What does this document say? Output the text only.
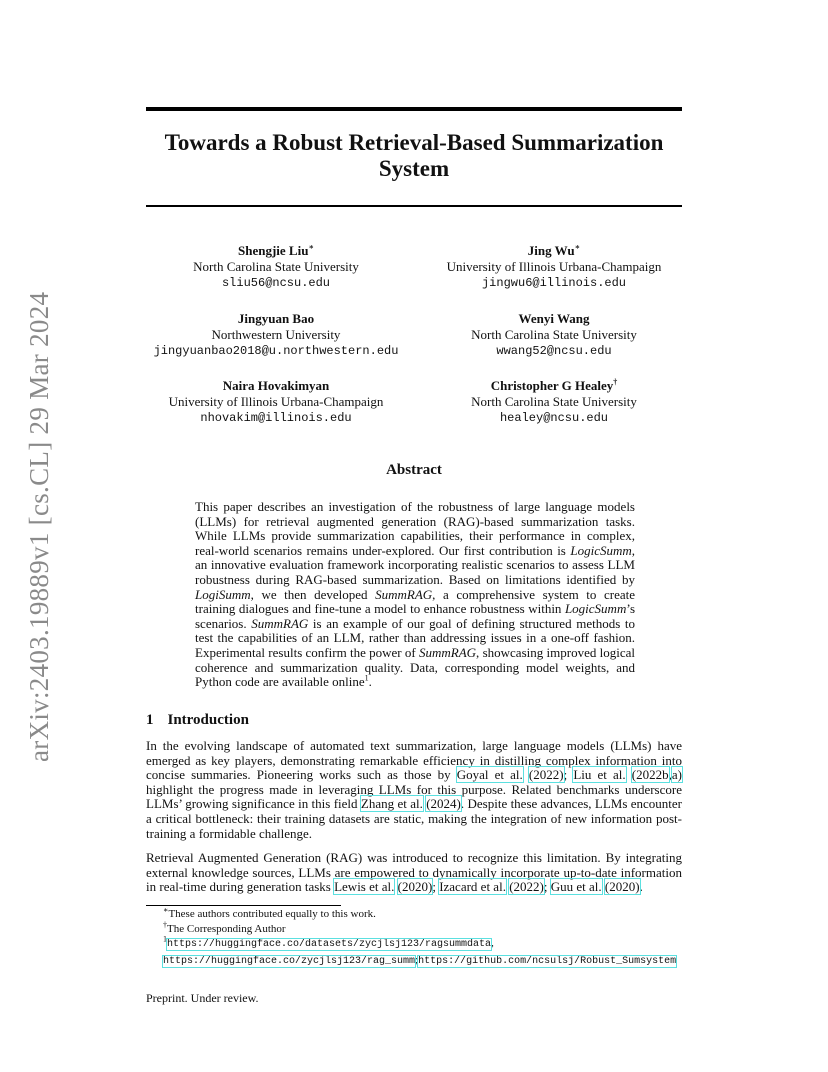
arXiv:2403.19889v1 [cs.CL] 29 Mar 2024
Towards a Robust Retrieval-Based Summarization System
Shengjie Liu∗
North Carolina State University
sliu56@ncsu.edu
Jing Wu∗
University of Illinois Urbana-Champaign
jingwu6@illinois.edu
Jingyuan Bao
Northwestern University
jingyuanbao2018@u.northwestern.edu
Wenyi Wang
North Carolina State University
wwang52@ncsu.edu
Naira Hovakimyan
University of Illinois Urbana-Champaign
nhovakim@illinois.edu
Christopher G Healey†
North Carolina State University
healey@ncsu.edu
Abstract

This paper describes an investigation of the robustness of large language models (LLMs) for retrieval augmented generation (RAG)-based summarization tasks. While LLMs provide summarization capabilities, their performance in complex, real-world scenarios remains under-explored. Our first contribution is LogicSumm, an innovative evaluation framework incorporating realistic scenarios to assess LLM robustness during RAG-based summarization. Based on limitations identified by LogiSumm, we then developed SummRAG, a comprehensive system to create training dialogues and fine-tune a model to enhance robustness within LogicSumm’s scenarios. SummRAG is an example of our goal of defining structured methods to test the capabilities of an LLM, rather than addressing issues in a one-off fashion. Experimental results confirm the power of SummRAG, showcasing improved logical coherence and summarization quality. Data, corresponding model weights, and Python code are available online$^1$.

1 Introduction

In the evolving landscape of automated text summarization, large language models (LLMs) have emerged as key players, demonstrating remarkable efficiency in distilling complex information into concise summaries. Pioneering works such as those by Goyal et al. (2022); Liu et al. (2022b,a) highlight the progress made in leveraging LLMs for this purpose. Related benchmarks underscore LLMs’ growing significance in this field Zhang et al. (2024). Despite these advances, LLMs encounter a critical bottleneck: their training datasets are static, making the integration of new information post-training a formidable challenge.

Retrieval Augmented Generation (RAG) was introduced to recognize this limitation. By integrating external knowledge sources, LLMs are empowered to dynamically incorporate up-to-date information in real-time during generation tasks Lewis et al. (2020); Izacard et al. (2022); Guu et al. (2020).

∗These authors contributed equally to this work.

†The Corresponding Author

$^1$https://huggingface.co/datasets/zycjlsj123/ragsummdata, https://huggingface.co/zycjlsj123/rag_summ;https://github.com/ncsulsj/Robust_Sumsystem

Preprint. Under review.
